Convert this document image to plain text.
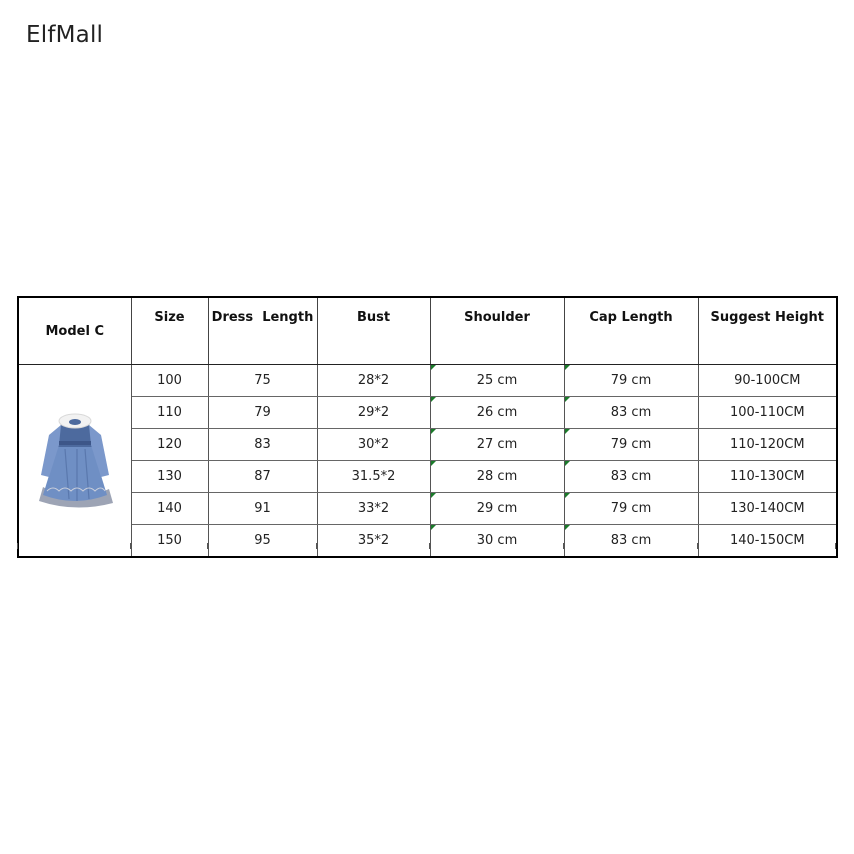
ElfMall
Model C	Size	Dress  Length	Bust	Shoulder	Cap Length	Suggest Height

	100	75	28*2	25 cm	79 cm	90-100CM
	110	79	29*2	26 cm	83 cm	100-110CM
	120	83	30*2	27 cm	79 cm	110-120CM
	130	87	31.5*2	28 cm	83 cm	110-130CM
	140	91	33*2	29 cm	79 cm	130-140CM
	150	95	35*2	30 cm	83 cm	140-150CM
